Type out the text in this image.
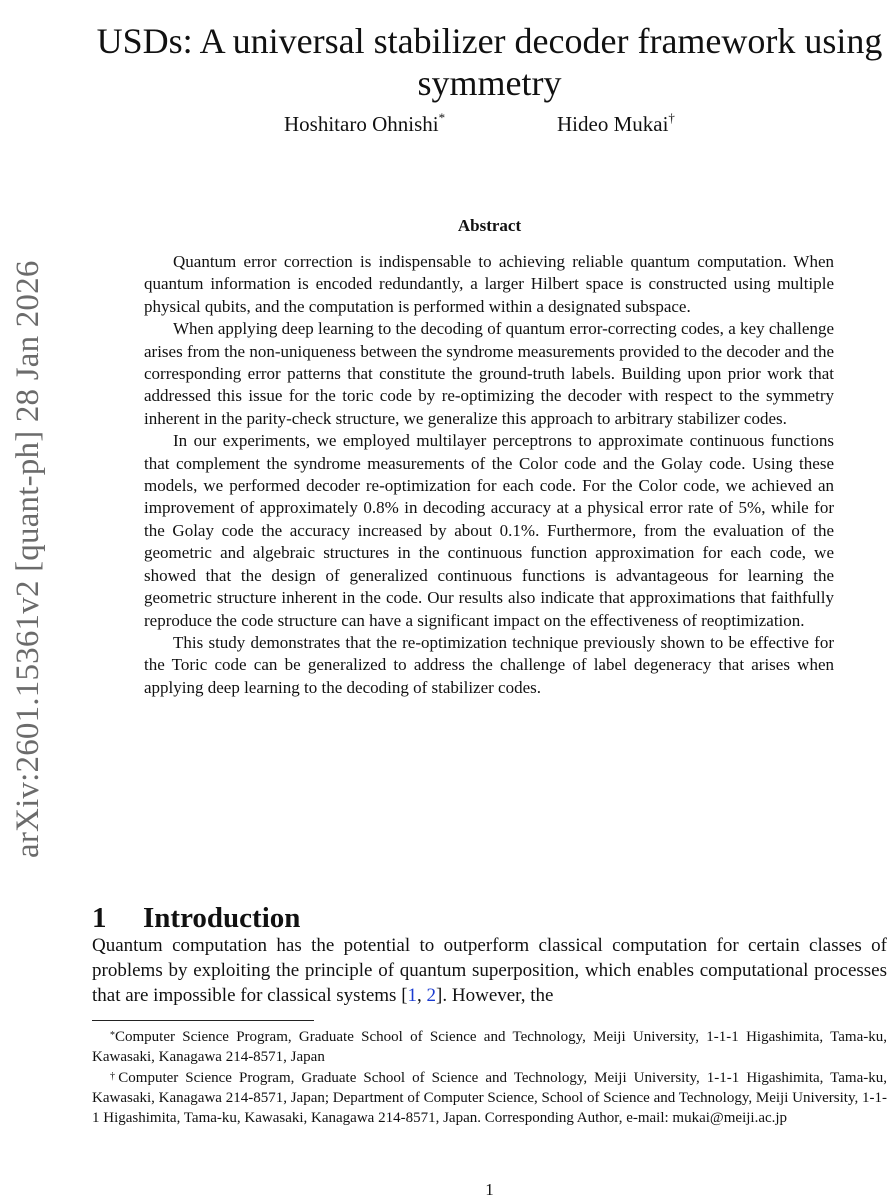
arXiv:2601.15361v2 [quant-ph] 28 Jan 2026
USDs: A universal stabilizer decoder framework using
symmetry
Hoshitaro Ohnishi*	Hideo Mukai†
Abstract

Quantum error correction is indispensable to achieving reliable quantum computation. When quantum information is encoded redundantly, a larger Hilbert space is constructed using multiple physical qubits, and the computation is performed within a designated subspace.

When applying deep learning to the decoding of quantum error-correcting codes, a key challenge arises from the non-uniqueness between the syndrome measurements provided to the decoder and the corresponding error patterns that constitute the ground-truth labels. Building upon prior work that addressed this issue for the toric code by re-optimizing the decoder with respect to the symmetry inherent in the parity-check structure, we generalize this approach to arbitrary stabilizer codes.

In our experiments, we employed multilayer perceptrons to approximate continuous functions that complement the syndrome measurements of the Color code and the Golay code. Using these models, we performed decoder re-optimization for each code. For the Color code, we achieved an improvement of approximately 0.8% in decoding accuracy at a physical error rate of 5%, while for the Golay code the accuracy increased by about 0.1%. Furthermore, from the evaluation of the geometric and algebraic structures in the continuous function approximation for each code, we showed that the design of generalized continuous functions is advantageous for learning the geometric structure inherent in the code. Our results also indicate that approximations that faithfully reproduce the code structure can have a significant impact on the effectiveness of reoptimization.

This study demonstrates that the re-optimization technique previously shown to be effective for the Toric code can be generalized to address the challenge of label degeneracy that arises when applying deep learning to the decoding of stabilizer codes.

1 Introduction

Quantum computation has the potential to outperform classical computation for certain classes of problems by exploiting the principle of quantum superposition, which enables computational processes that are impossible for classical systems [1, 2]. However, the

*Computer Science Program, Graduate School of Science and Technology, Meiji University, 1-1-1 Higashimita, Tama-ku, Kawasaki, Kanagawa 214-8571, Japan

†Computer Science Program, Graduate School of Science and Technology, Meiji University, 1-1-1 Higashimita, Tama-ku, Kawasaki, Kanagawa 214-8571, Japan; Department of Computer Science, School of Science and Technology, Meiji University, 1-1-1 Higashimita, Tama-ku, Kawasaki, Kanagawa 214-8571, Japan. Corresponding Author, e-mail: mukai@meiji.ac.jp

1
